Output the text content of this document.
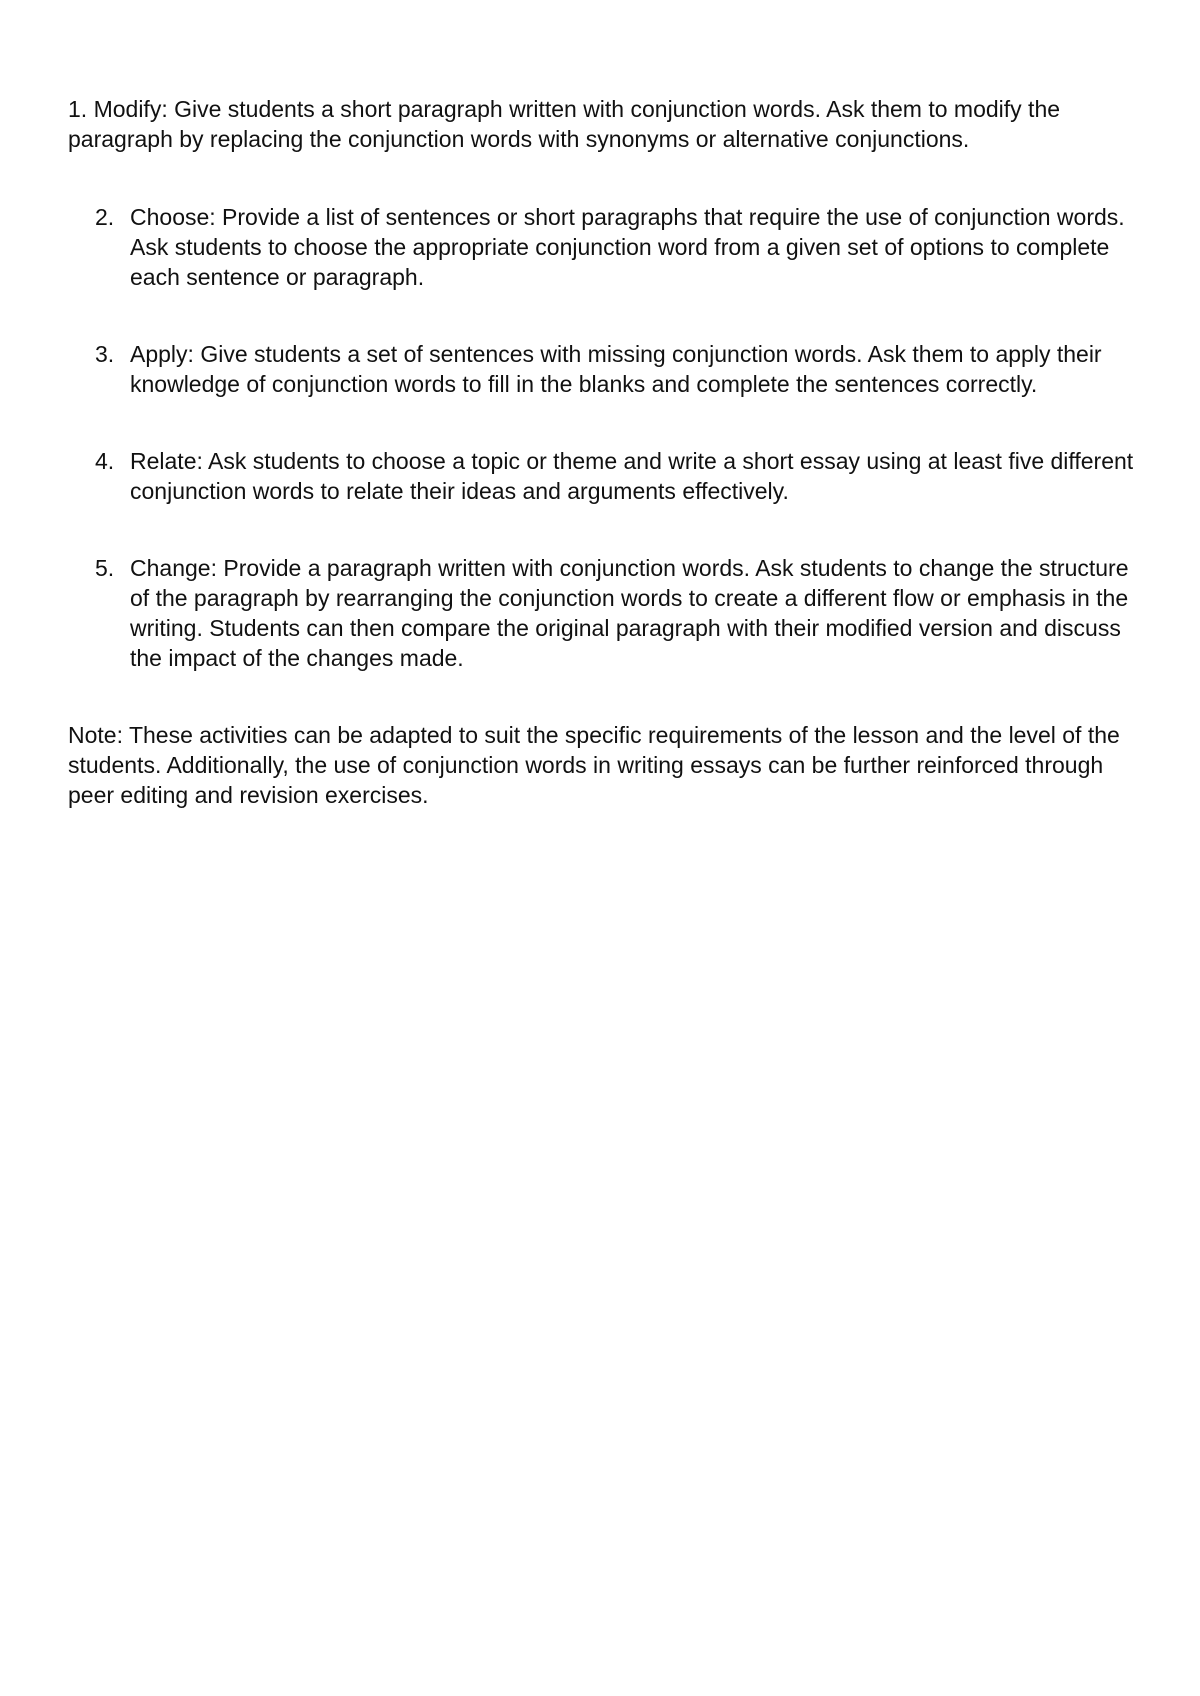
1. Modify: Give students a short paragraph written with conjunction words. Ask them to modify the paragraph by replacing the conjunction words with synonyms or alternative conjunctions.

2. Choose: Provide a list of sentences or short paragraphs that require the use of conjunction words. Ask students to choose the appropriate conjunction word from a given set of options to complete each sentence or paragraph.
3. Apply: Give students a set of sentences with missing conjunction words. Ask them to apply their knowledge of conjunction words to fill in the blanks and complete the sentences correctly.
4. Relate: Ask students to choose a topic or theme and write a short essay using at least five different conjunction words to relate their ideas and arguments effectively.
5. Change: Provide a paragraph written with conjunction words. Ask students to change the structure of the paragraph by rearranging the conjunction words to create a different flow or emphasis in the writing. Students can then compare the original paragraph with their modified version and discuss the impact of the changes made.

Note: These activities can be adapted to suit the specific requirements of the lesson and the level of the students. Additionally, the use of conjunction words in writing essays can be further reinforced through peer editing and revision exercises.
